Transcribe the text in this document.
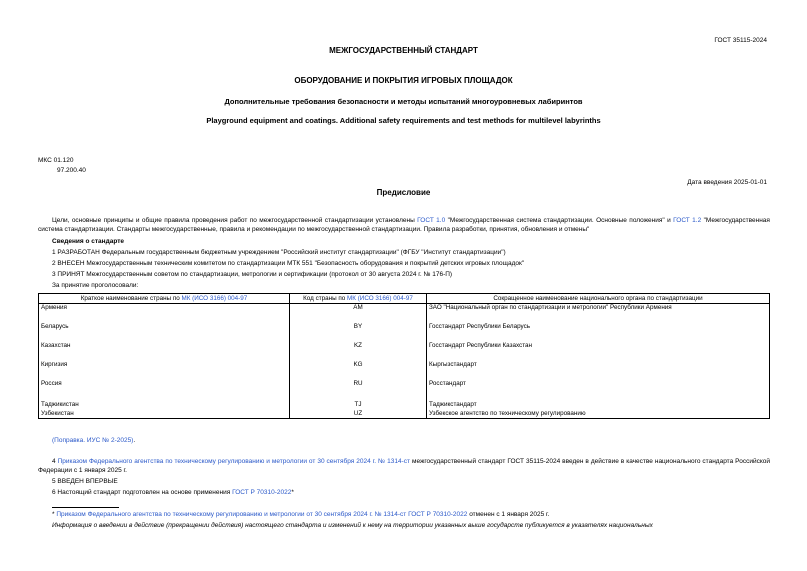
ГОСТ 35115-2024
МЕЖГОСУДАРСТВЕННЫЙ СТАНДАРТ
ОБОРУДОВАНИЕ И ПОКРЫТИЯ ИГРОВЫХ ПЛОЩАДОК
Дополнительные требования безопасности и методы испытаний многоуровневых лабиринтов
Playground equipment and coatings. Additional safety requirements and test methods for multilevel labyrinths
МКС 01.120
97.200.40
Дата введения 2025-01-01
Предисловие
Цели, основные принципы и общие правила проведения работ по межгосударственной стандартизации установлены ГОСТ 1.0 "Межгосударственная система стандартизации. Основные положения" и ГОСТ 1.2 "Межгосударственная система стандартизации. Стандарты межгосударственные, правила и рекомендации по межгосударственной стандартизации. Правила разработки, принятия, обновления и отмены"
Сведения о стандарте
1 РАЗРАБОТАН Федеральным государственным бюджетным учреждением "Российский институт стандартизации" (ФГБУ "Институт стандартизации")
2 ВНЕСЕН Межгосударственным техническим комитетом по стандартизации МТК 551 "Безопасность оборудования и покрытий детских игровых площадок"
3 ПРИНЯТ Межгосударственным советом по стандартизации, метрологии и сертификации (протокол от 30 августа 2024 г. № 176-П)
За принятие проголосовали:
Краткое наименование страны по МК (ИСО 3166) 004-97	Код страны по МК (ИСО 3166) 004-97	Сокращенное наименование национального органа по стандартизации
Армения	AM	ЗАО "Национальный орган по стандартизации и метрологии" Республики Армения
Беларусь	BY	Госстандарт Республики Беларусь
Казахстан	KZ	Госстандарт Республики Казахстан
Киргизия	KG	Кыргызстандарт
Россия	RU	Росстандарт
Таджикистан	TJ	Таджикстандарт
Узбекистан	UZ	Узбекское агентство по техническому регулированию
(Поправка. ИУС № 2-2025).
4 Приказом Федерального агентства по техническому регулированию и метрологии от 30 сентября 2024 г. № 1314-ст межгосударственный стандарт ГОСТ 35115-2024 введен в действие в качестве национального стандарта Российской Федерации с 1 января 2025 г.
5 ВВЕДЕН ВПЕРВЫЕ
6 Настоящий стандарт подготовлен на основе применения ГОСТ Р 70310-2022*
* Приказом Федерального агентства по техническому регулированию и метрологии от 30 сентября 2024 г. № 1314-ст ГОСТ Р 70310-2022 отменен с 1 января 2025 г.
Информация о введении в действие (прекращении действия) настоящего стандарта и изменений к нему на территории указанных выше государств публикуется в указателях национальных
